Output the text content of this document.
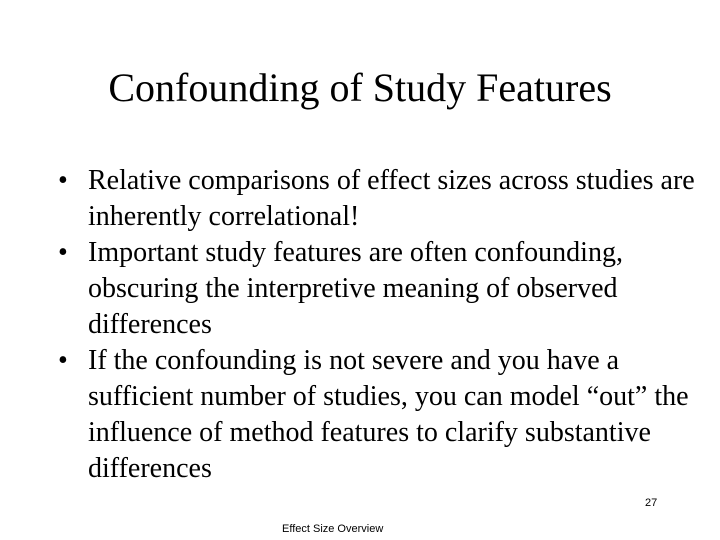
Confounding of Study Features
• Relative comparisons of effect sizes across studies are inherently correlational!
• Important study features are often confounding, obscuring the interpretive meaning of observed differences
• If the confounding is not severe and you have a sufficient number of studies, you can model “out” the influence of method features to clarify substantive differences
Effect Size Overview
27
